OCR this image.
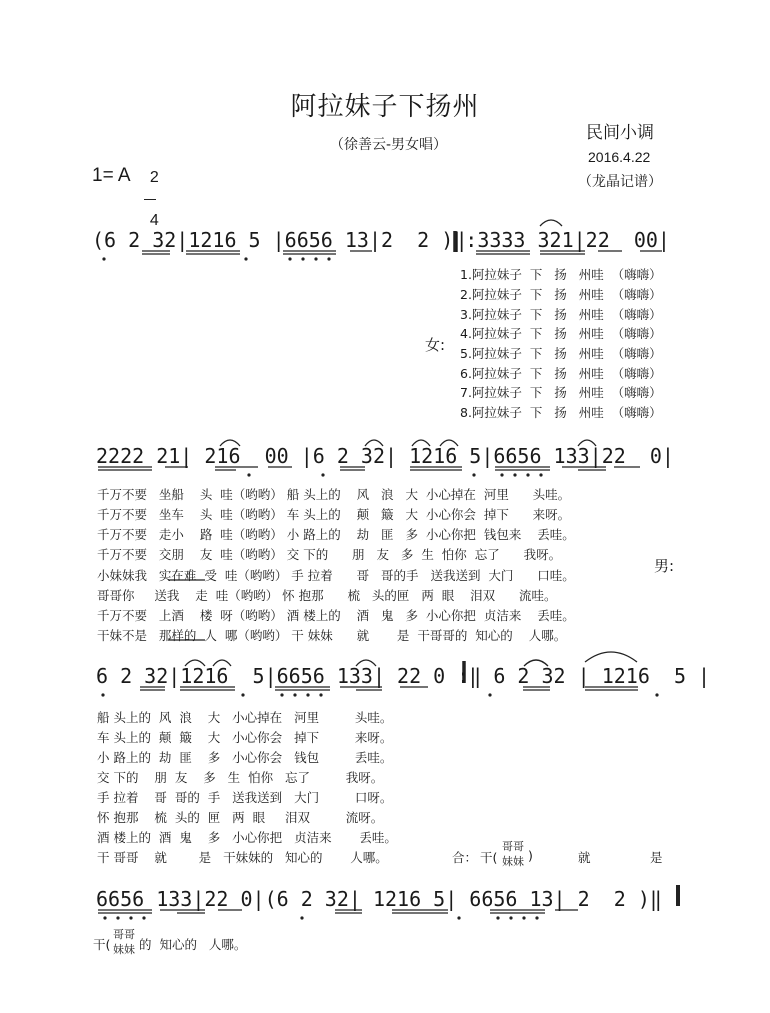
阿拉妹子下扬州
（徐善云-男女唱）
民间小调
2016.4.22
（龙晶记谱）
1= A	2

4

(6 2 32|1216 5 |6656 13|2  2 )‖:3333 321|22  00|
2222 21| 216  00 |6 2 32| 1216 5|6656 133|22  0|
6 2 32|1216  5|6656 133| 22 0 :‖ 6 2 32 | 1216  5 |
6656 133|22 0|(6 2 32| 1216 5| 6656 13| 2  2 )‖
女:
1.阿拉妹子  下   扬   州哇  （嗨嗨）
2.阿拉妹子  下   扬   州哇  （嗨嗨）
3.阿拉妹子  下   扬   州哇  （嗨嗨）
4.阿拉妹子  下   扬   州哇  （嗨嗨）
5.阿拉妹子  下   扬   州哇  （嗨嗨）
6.阿拉妹子  下   扬   州哇  （嗨嗨）
7.阿拉妹子  下   扬   州哇  （嗨嗨）
8.阿拉妹子  下   扬   州哇  （嗨嗨）
男:
千万不要   坐船    头  哇（哟哟） 船 头上的    风   浪   大  小心掉在  河里      头哇。
千万不要   坐车    头  哇（哟哟） 车 头上的    颠   簸   大  小心你会  掉下      来呀。
千万不要   走小    路  哇（哟哟） 小 路上的    劫   匪   多  小心你把  钱包来    丢哇。
千万不要   交朋    友  哇（哟哟） 交 下的      朋   友   多  生  怕你  忘了      我呀。
小妹妹我   实在难  受  哇（哟哟） 手 拉着      哥   哥的手   送我送到  大门      口哇。
哥哥你     送我    走  哇（哟哟） 怀 抱那      梳   头的匣   两  眼    泪双      流哇。
千万不要   上酒    楼  呀（哟哟） 酒 楼上的    酒   鬼   多  小心你把  贞洁来    丢哇。
干妹不是   那样的  人  哪（哟哟） 干 妹妹      就       是  干哥哥的  知心的    人哪。
船 头上的  风  浪    大   小心掉在   河里         头哇。
车 头上的  颠  簸    大   小心你会   掉下         来呀。
小 路上的  劫  匪    多   小心你会   钱包         丢哇。
交 下的    朋  友    多   生  怕你   忘了         我呀。
手 拉着    哥  哥的  手   送我送到   大门         口呀。
怀 抱那    梳  头的  匣   两  眼     泪双         流呀。
酒 楼上的  酒  鬼    多   小心你把   贞洁来       丢哇。
干 哥哥    就        是   干妹妹的   知心的       人哪。	合： 干(
哥哥
妹妹 )	就	是
干(
哥哥
妹妹 的  知心的   人哪。
